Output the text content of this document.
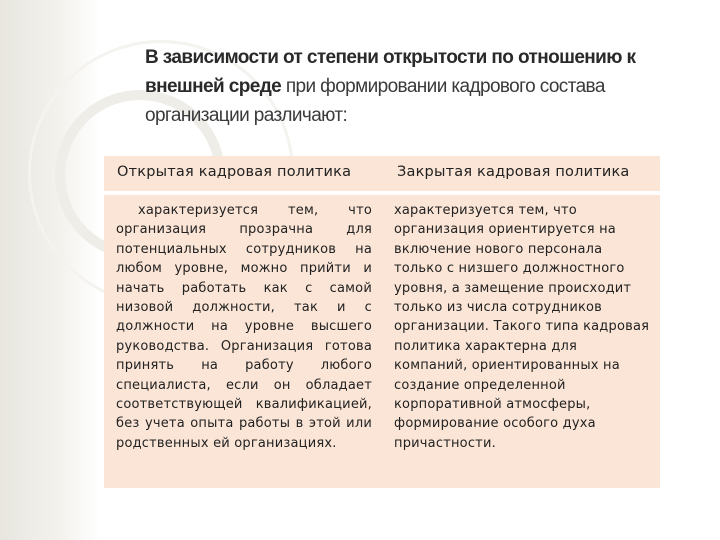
В зависимости от степени открытости по отношению к внешней среде при формировании кадрового состава организации различают:
Открытая кадровая политика	Закрытая кадровая политика
характеризуется тем, что организация прозрачна для потенциальных сотрудников на любом уровне, можно прийти и начать работать как с самой низовой должности, так и с должности на уровне высшего руководства. Организация готова принять на работу любого специалиста, если он обладает соответствующей квалификацией, без учета опыта работы в этой или родственных ей организациях.
характеризуется тем, что организация ориентируется на включение нового персонала только с низшего должностного уровня, а замещение происходит только из числа сотрудников организации. Такого типа кадровая политика характерна для компаний, ориентированных на создание определенной корпоративной атмосферы, формирование особого духа причастности.
